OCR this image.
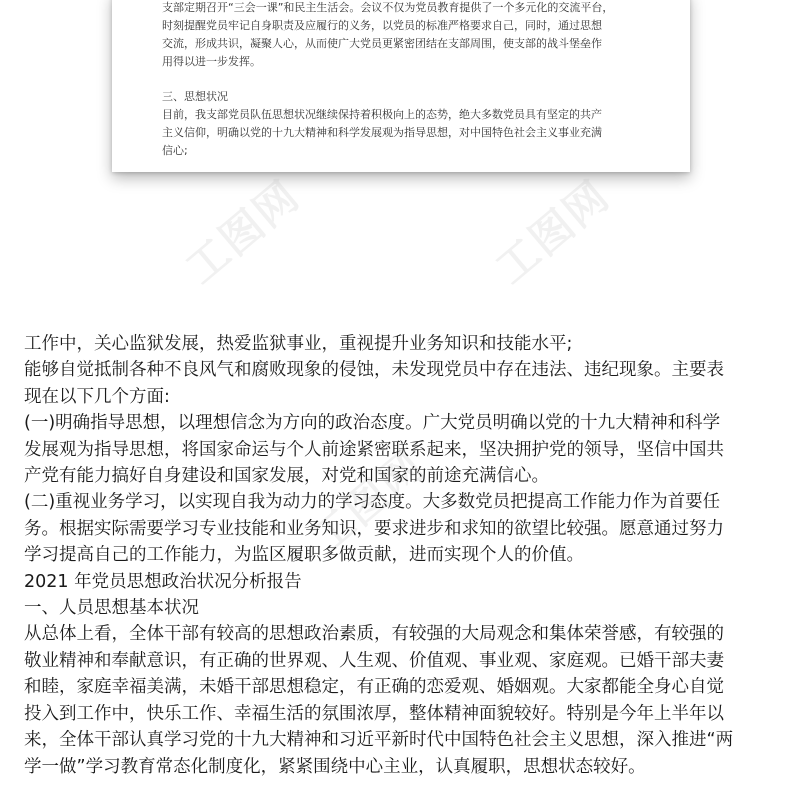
支部定期召开“三会一课”和民主生活会。会议不仅为党员教育提供了一个多元化的交流平台，

时刻提醒党员牢记自身职责及应履行的义务，以党员的标准严格要求自己，同时，通过思想

交流，形成共识，凝聚人心，从而使广大党员更紧密团结在支部周围，使支部的战斗堡垒作

用得以进一步发挥。

三、思想状况

目前，我支部党员队伍思想状况继续保持着积极向上的态势，绝大多数党员具有坚定的共产

主义信仰，明确以党的十九大精神和科学发展观为指导思想，对中国特色社会主义事业充满

信心;

工图网	工图网
工图网

工作中，关心监狱发展，热爱监狱事业，重视提升业务知识和技能水平;

能够自觉抵制各种不良风气和腐败现象的侵蚀，未发现党员中存在违法、违纪现象。主要表

现在以下几个方面:

(一)明确指导思想，以理想信念为方向的政治态度。广大党员明确以党的十九大精神和科学

发展观为指导思想，将国家命运与个人前途紧密联系起来，坚决拥护党的领导，坚信中国共

产党有能力搞好自身建设和国家发展，对党和国家的前途充满信心。

(二)重视业务学习，以实现自我为动力的学习态度。大多数党员把提高工作能力作为首要任

务。根据实际需要学习专业技能和业务知识，要求进步和求知的欲望比较强。愿意通过努力

学习提高自己的工作能力，为监区履职多做贡献，进而实现个人的价值。

2021 年党员思想政治状况分析报告

一、人员思想基本状况

从总体上看，全体干部有较高的思想政治素质，有较强的大局观念和集体荣誉感，有较强的

敬业精神和奉献意识，有正确的世界观、人生观、价值观、事业观、家庭观。已婚干部夫妻

和睦，家庭幸福美满，未婚干部思想稳定，有正确的恋爱观、婚姻观。大家都能全身心自觉

投入到工作中，快乐工作、幸福生活的氛围浓厚，整体精神面貌较好。特别是今年上半年以

来，全体干部认真学习党的十九大精神和习近平新时代中国特色社会主义思想，深入推进“两

学一做”学习教育常态化制度化，紧紧围绕中心主业，认真履职，思想状态较好。
